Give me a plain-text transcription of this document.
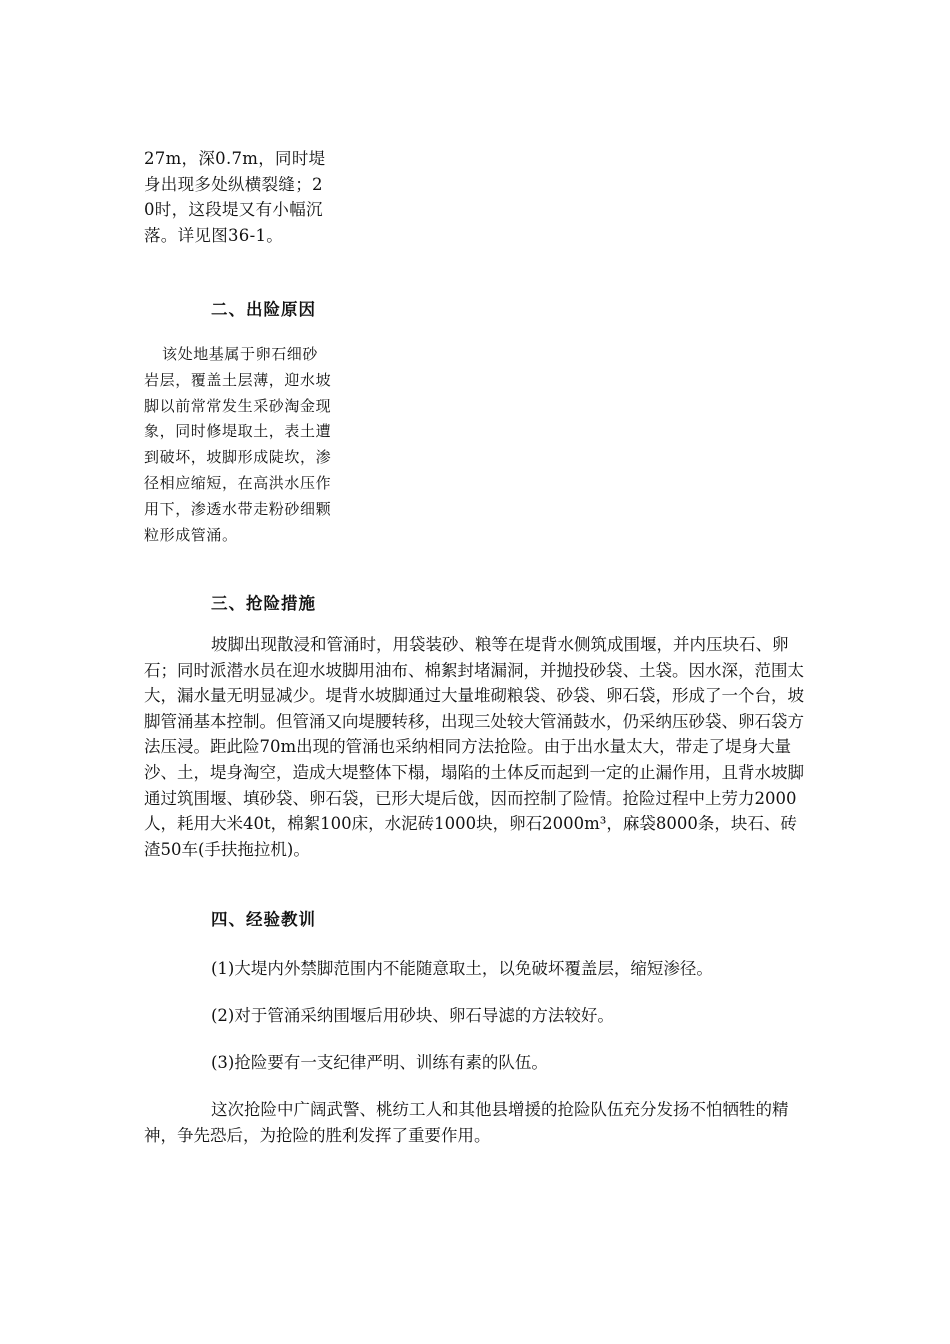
27m，深0.7m，同时堤身出现多处纵横裂缝；20时，这段堤又有小幅沉落。详见图36-1。

二、出险原因

该处地基属于卵石细砂岩层，覆盖土层薄，迎水坡脚以前常常发生采砂淘金现象，同时修堤取土，表土遭到破坏，坡脚形成陡坎，渗径相应缩短，在高洪水压作用下，渗透水带走粉砂细颗粒形成管涌。

三、抢险措施

坡脚出现散浸和管涌时，用袋装砂、粮等在堤背水侧筑成围堰，并内压块石、卵石；同时派潜水员在迎水坡脚用油布、棉絮封堵漏洞，并抛投砂袋、土袋。因水深，范围太大，漏水量无明显减少。堤背水坡脚通过大量堆砌粮袋、砂袋、卵石袋，形成了一个台，坡脚管涌基本控制。但管涌又向堤腰转移，出现三处较大管涌鼓水，仍采纳压砂袋、卵石袋方法压浸。距此险70m出现的管涌也采纳相同方法抢险。由于出水量太大，带走了堤身大量沙、土，堤身淘空，造成大堤整体下榻，塌陷的土体反而起到一定的止漏作用，且背水坡脚通过筑围堰、填砂袋、卵石袋，已形大堤后戗，因而控制了险情。抢险过程中上劳力2000人，耗用大米40t，棉絮100床，水泥砖1000块，卵石2000m³，麻袋8000条，块石、砖渣50车(手扶拖拉机)。

四、经验教训

(1)大堤内外禁脚范围内不能随意取土，以免破坏覆盖层，缩短渗径。

(2)对于管涌采纳围堰后用砂块、卵石导滤的方法较好。

(3)抢险要有一支纪律严明、训练有素的队伍。

这次抢险中广阔武警、桃纺工人和其他县增援的抢险队伍充分发扬不怕牺牲的精神，争先恐后，为抢险的胜利发挥了重要作用。
